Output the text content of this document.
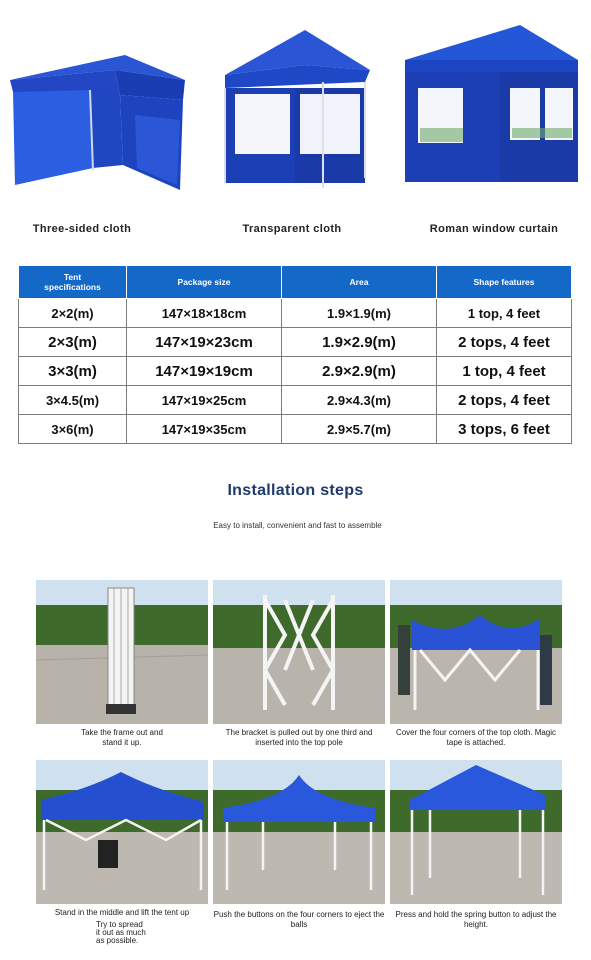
Three-sided cloth	Transparent cloth	Roman window curtain
Tent
specifications	Package size	Area	Shape features
2×2(m)	147×18×18cm	1.9×1.9(m)	1 top, 4 feet
2×3(m)	147×19×23cm	1.9×2.9(m)	2 tops, 4 feet
3×3(m)	147×19×19cm	2.9×2.9(m)	1 top, 4 feet
3×4.5(m)	147×19×25cm	2.9×4.3(m)	2 tops, 4 feet
3×6(m)	147×19×35cm	2.9×5.7(m)	3 tops, 6 feet
Installation steps
Easy to install, convenient and fast to assemble
Take the frame out and stand it up.
The bracket is pulled out by one third and inserted into the top pole
Cover the four corners of the top cloth. Magic tape is attached.
Stand in the middle and lift the tent up	Push the buttons on the four corners to eject the balls
Press and hold the spring button to adjust the height.
Try to spread it out as much as possible.
